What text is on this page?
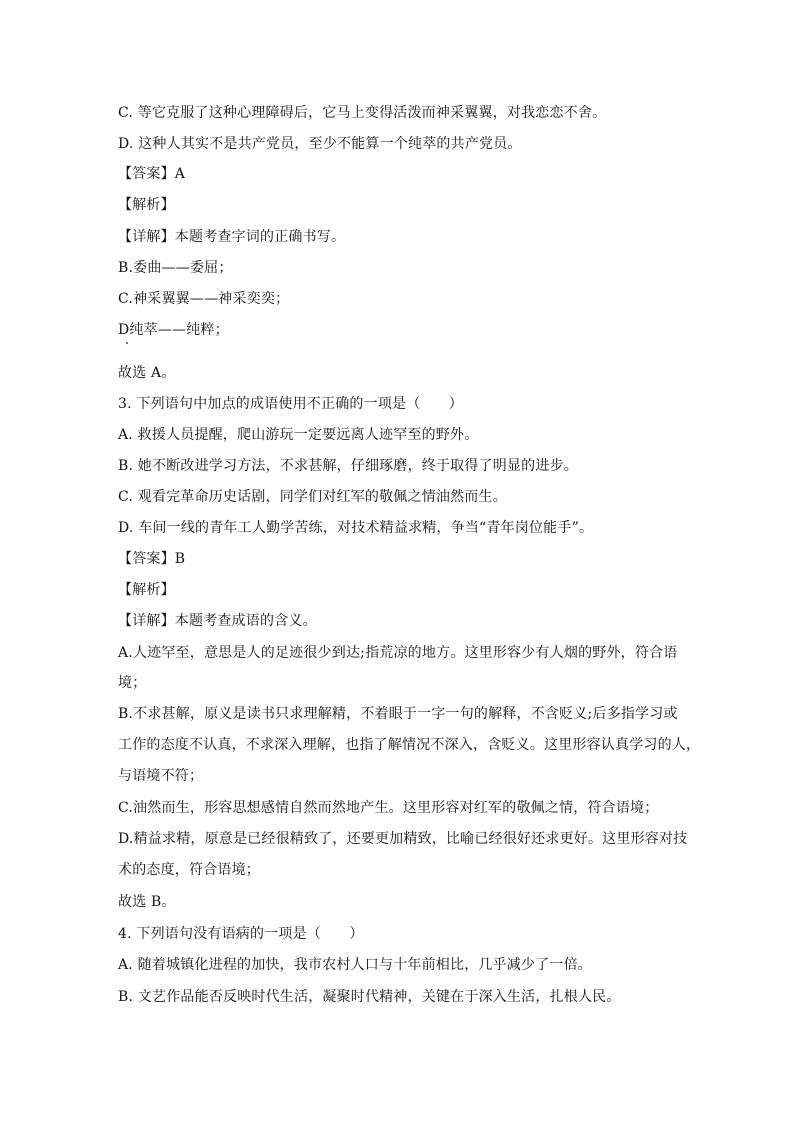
C. 等它克服了这种心理障碍后，它马上变得活泼而神采翼翼，对我恋恋不舍。
D. 这种人其实不是共产党员，至少不能算一个纯萃的共产党员。
【答案】A
【解析】
【详解】本题考查字词的正确书写。
B.委曲——委屈；
C.神采翼翼——神采奕奕；
D纯萃——纯粹；
故选 A。
3. 下列语句中加点的成语使用不正确的一项是（　　）
A. 救援人员提醒，爬山游玩一定要远离人迹罕至的野外。
B. 她不断改进学习方法，不求甚解，仔细琢磨，终于取得了明显的进步。
C. 观看完革命历史话剧，同学们对红军的敬佩之情油然而生。
D. 车间一线的青年工人勤学苦练，对技术精益求精，争当“青年岗位能手”。
【答案】B
【解析】
【详解】本题考查成语的含义。
A.人迹罕至，意思是人的足迹很少到达;指荒凉的地方。这里形容少有人烟的野外，符合语
境；
B.不求甚解，原义是读书只求理解精，不着眼于一字一句的解释，不含贬义;后多指学习或
工作的态度不认真，不求深入理解，也指了解情况不深入，含贬义。这里形容认真学习的人，
与语境不符；
C.油然而生，形容思想感情自然而然地产生。这里形容对红军的敬佩之情，符合语境；
D.精益求精，原意是已经很精致了，还要更加精致，比喻已经很好还求更好。这里形容对技
术的态度，符合语境；
故选 B。
4. 下列语句没有语病的一项是（　　）
A. 随着城镇化进程的加快，我市农村人口与十年前相比，几乎减少了一倍。
B. 文艺作品能否反映时代生活，凝聚时代精神，关键在于深入生活，扎根人民。
